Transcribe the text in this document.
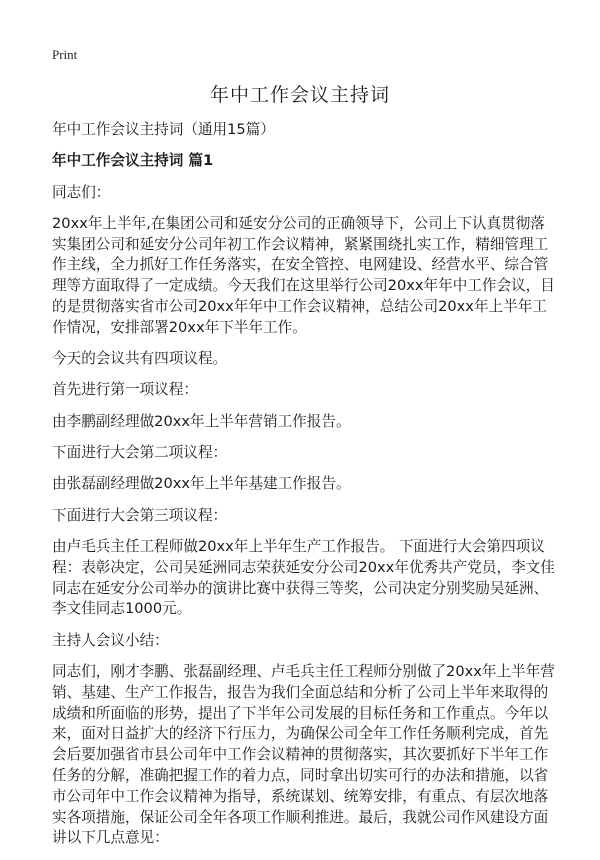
Print
年中工作会议主持词

年中工作会议主持词（通用15篇）

年中工作会议主持词 篇1

同志们：

20xx年上半年,在集团公司和延安分公司的正确领导下，公司上下认真贯彻落实集团公司和延安分公司年初工作会议精神，紧紧围绕扎实工作，精细管理工作主线，全力抓好工作任务落实，在安全管控、电网建设、经营水平、综合管理等方面取得了一定成绩。今天我们在这里举行公司20xx年年中工作会议，目的是贯彻落实省市公司20xx年年中工作会议精神，总结公司20xx年上半年工作情况，安排部署20xx年下半年工作。

今天的会议共有四项议程。

首先进行第一项议程：

由李鹏副经理做20xx年上半年营销工作报告。

下面进行大会第二项议程：

由张磊副经理做20xx年上半年基建工作报告。

下面进行大会第三项议程：

由卢毛兵主任工程师做20xx年上半年生产工作报告。 下面进行大会第四项议程：表彰决定，公司吴延洲同志荣获延安分公司20xx年优秀共产党员，李文佳同志在延安分公司举办的演讲比赛中获得三等奖，公司决定分别奖励吴延洲、李文佳同志1000元。

主持人会议小结：

同志们，刚才李鹏、张磊副经理、卢毛兵主任工程师分别做了20xx年上半年营销、基建、生产工作报告，报告为我们全面总结和分析了公司上半年来取得的成绩和所面临的形势，提出了下半年公司发展的目标任务和工作重点。今年以来，面对日益扩大的经济下行压力，为确保公司全年工作任务顺利完成，首先会后要加强省市县公司年中工作会议精神的贯彻落实，其次要抓好下半年工作任务的分解，准确把握工作的着力点，同时拿出切实可行的办法和措施，以省市公司年中工作会议精神为指导，系统谋划、统筹安排，有重点、有层次地落实各项措施，保证公司全年各项工作顺利推进。最后，我就公司作风建设方面讲以下几点意见：
